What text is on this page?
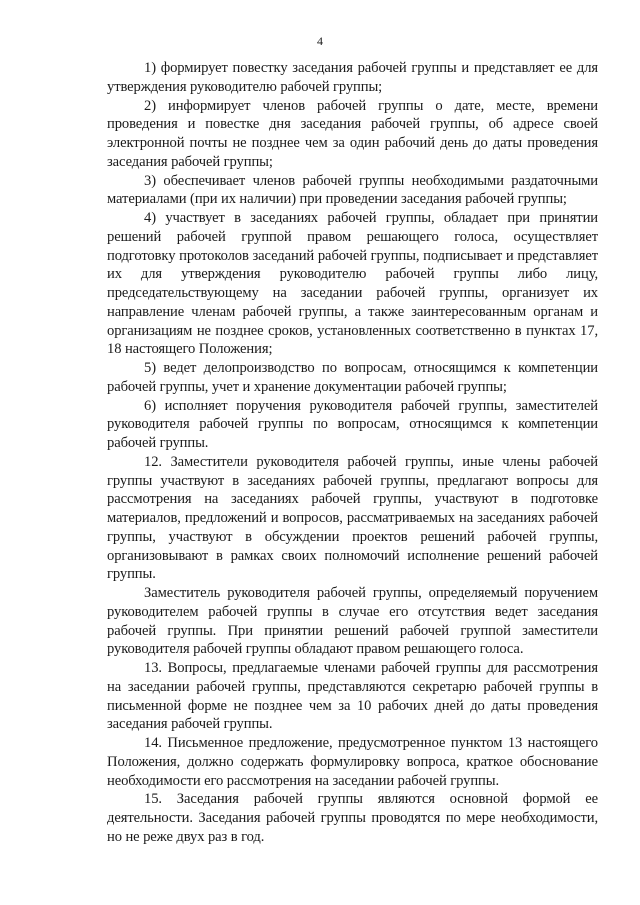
4

1) формирует повестку заседания рабочей группы и представляет ее для утверждения руководителю рабочей группы;

2) информирует членов рабочей группы о дате, месте, времени проведения и повестке дня заседания рабочей группы, об адресе своей электронной почты не позднее чем за один рабочий день до даты проведения заседания рабочей группы;

3) обеспечивает членов рабочей группы необходимыми раздаточными материалами (при их наличии) при проведении заседания рабочей группы;

4) участвует в заседаниях рабочей группы, обладает при принятии решений рабочей группой правом решающего голоса, осуществляет подготовку протоколов заседаний рабочей группы, подписывает и представляет их для утверждения руководителю рабочей группы либо лицу, председательствующему на заседании рабочей группы, организует их направление членам рабочей группы, а также заинтересованным органам и организациям не позднее сроков, установленных соответственно в пунктах 17, 18 настоящего Положения;

5) ведет делопроизводство по вопросам, относящимся к компетенции рабочей группы, учет и хранение документации рабочей группы;

6) исполняет поручения руководителя рабочей группы, заместителей руководителя рабочей группы по вопросам, относящимся к компетенции рабочей группы.

12. Заместители руководителя рабочей группы, иные члены рабочей группы участвуют в заседаниях рабочей группы, предлагают вопросы для рассмотрения на заседаниях рабочей группы, участвуют в подготовке материалов, предложений и вопросов, рассматриваемых на заседаниях рабочей группы, участвуют в обсуждении проектов решений рабочей группы, организовывают в рамках своих полномочий исполнение решений рабочей группы.

Заместитель руководителя рабочей группы, определяемый поручением руководителем рабочей группы в случае его отсутствия ведет заседания рабочей группы. При принятии решений рабочей группой заместители руководителя рабочей группы обладают правом решающего голоса.

13. Вопросы, предлагаемые членами рабочей группы для рассмотрения на заседании рабочей группы, представляются секретарю рабочей группы в письменной форме не позднее чем за 10 рабочих дней до даты проведения заседания рабочей группы.

14. Письменное предложение, предусмотренное пунктом 13 настоящего Положения, должно содержать формулировку вопроса, краткое обоснование необходимости его рассмотрения на заседании рабочей группы.

15. Заседания рабочей группы являются основной формой ее деятельности. Заседания рабочей группы проводятся по мере необходимости, но не реже двух раз в год.
